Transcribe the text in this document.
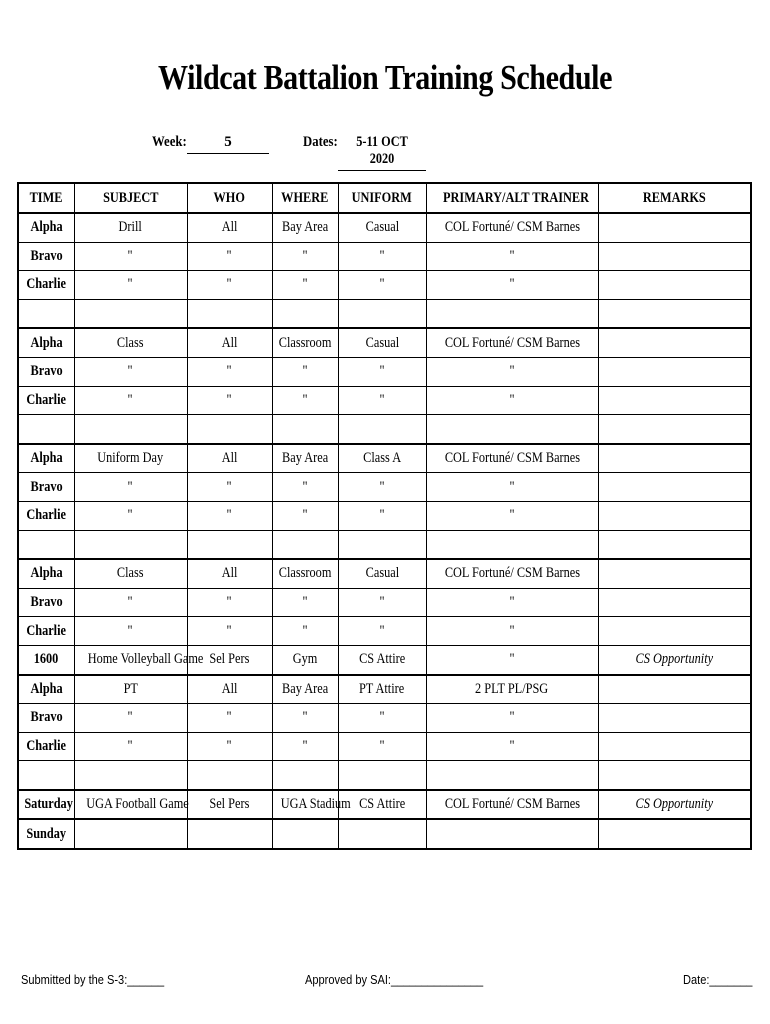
Wildcat Battalion Training Schedule
Week:	5	Dates:	5-11 OCT 2020
TIME	SUBJECT	WHO	WHERE	UNIFORM	PRIMARY/ALT TRAINER	REMARKS
Alpha	Drill	All	Bay Area	Casual	COL Fortuné/ CSM Barnes	
Bravo	"	"	"	"	"	
Charlie	"	"	"	"	"	

Alpha	Class	All	Classroom	Casual	COL Fortuné/ CSM Barnes	
Bravo	"	"	"	"	"	
Charlie	"	"	"	"	"	

Alpha	Uniform Day	All	Bay Area	Class A	COL Fortuné/ CSM Barnes	
Bravo	"	"	"	"	"	
Charlie	"	"	"	"	"	

Alpha	Class	All	Classroom	Casual	COL Fortuné/ CSM Barnes	
Bravo	"	"	"	"	"	
Charlie	"	"	"	"	"	
1600	Home Volleyball Game	Sel Pers	Gym	CS Attire	"	CS Opportunity
Alpha	PT	All	Bay Area	PT Attire	2 PLT PL/PSG	
Bravo	"	"	"	"	"	
Charlie	"	"	"	"	"	

Saturday	UGA Football Game	Sel Pers	UGA Stadium	CS Attire	COL Fortuné/ CSM Barnes	CS Opportunity
Sunday						
Submitted by the S-3:______	Approved by SAI:_______________	Date:_______
